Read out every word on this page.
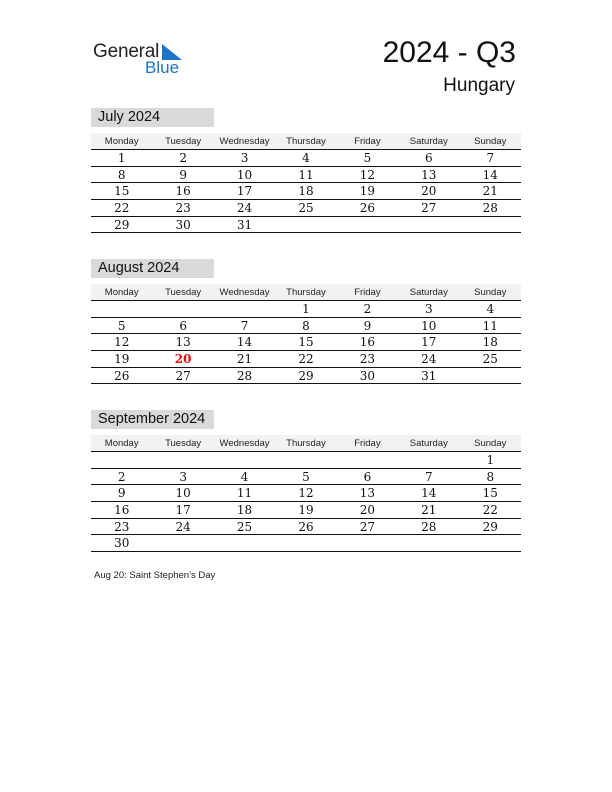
General
Blue	2024 - Q3
Hungary
July 2024
Monday	Tuesday	Wednesday	Thursday	Friday	Saturday	Sunday
1	2	3	4	5	6	7
8	9	10	11	12	13	14
15	16	17	18	19	20	21
22	23	24	25	26	27	28
29	30	31				
August 2024
Monday	Tuesday	Wednesday	Thursday	Friday	Saturday	Sunday
			1	2	3	4
5	6	7	8	9	10	11
12	13	14	15	16	17	18
19	20	21	22	23	24	25
26	27	28	29	30	31	
September 2024
Monday	Tuesday	Wednesday	Thursday	Friday	Saturday	Sunday
						1
2	3	4	5	6	7	8
9	10	11	12	13	14	15
16	17	18	19	20	21	22
23	24	25	26	27	28	29
30						
Aug 20: Saint Stephen’s Day
